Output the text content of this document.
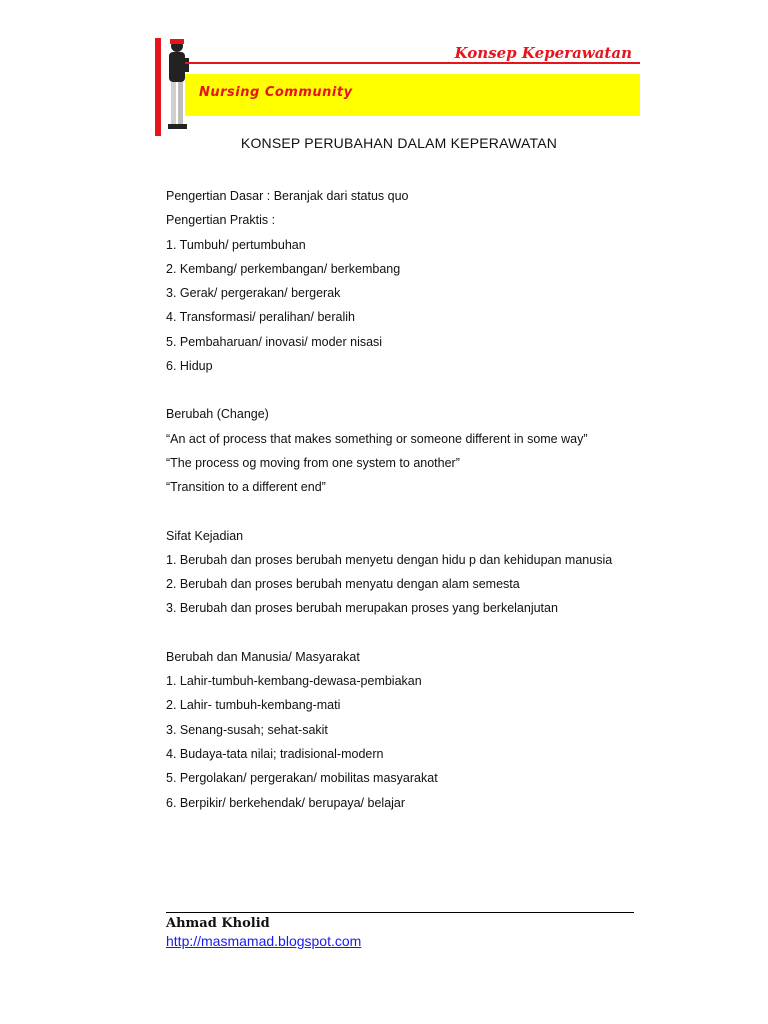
Konsep Keperawatan
Nursing Community
KONSEP PERUBAHAN DALAM KEPERAWATAN
Pengertian Dasar : Beranjak dari status quo
Pengertian Praktis :
1. Tumbuh/ pertumbuhan
2. Kembang/ perkembangan/ berkembang
3. Gerak/ pergerakan/ bergerak
4. Transformasi/ peralihan/ beralih
5. Pembaharuan/ inovasi/ moder nisasi
6. Hidup
Berubah (Change)
“An act of process that makes something or someone different in some way”
“The process og moving from one system to another”
“Transition to a different end”
Sifat Kejadian
1. Berubah dan proses berubah menyetu dengan hidu p dan kehidupan manusia
2. Berubah dan proses berubah menyatu dengan alam semesta
3. Berubah dan proses berubah merupakan proses yang berkelanjutan
Berubah dan Manusia/ Masyarakat
1. Lahir-tumbuh-kembang-dewasa-pembiakan
2. Lahir- tumbuh-kembang-mati
3. Senang-susah; sehat-sakit
4. Budaya-tata nilai; tradisional-modern
5. Pergolakan/ pergerakan/ mobilitas masyarakat
6. Berpikir/ berkehendak/ berupaya/ belajar
Ahmad Kholid
http://masmamad.blogspot.com
